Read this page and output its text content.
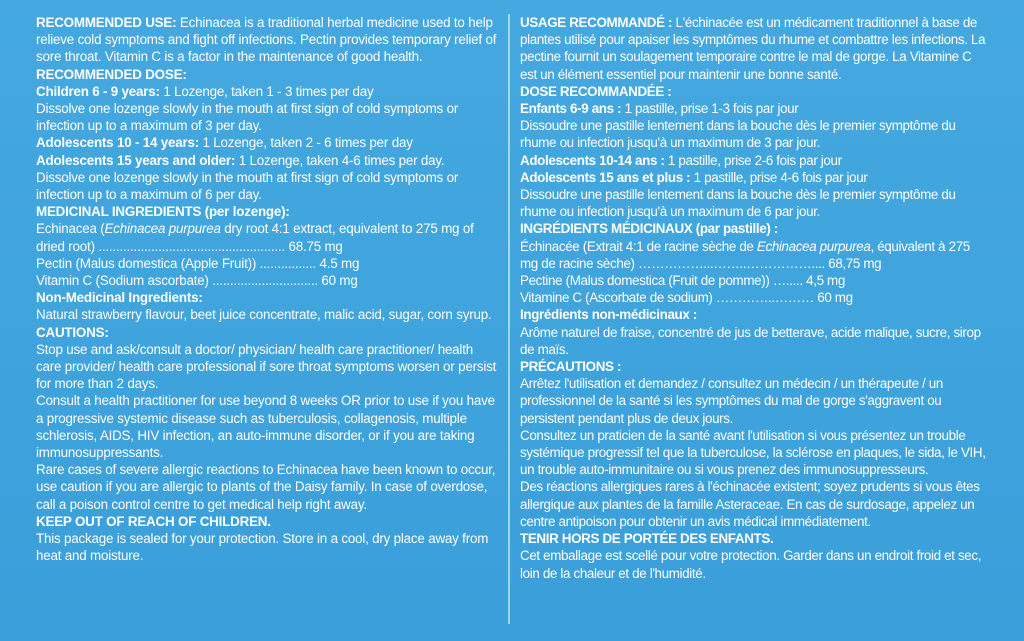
RECOMMENDED USE: Echinacea is a traditional herbal medicine used to help relieve cold symptoms and fight off infections. Pectin provides temporary relief of sore throat. Vitamin C is a factor in the maintenance of good health.

RECOMMENDED DOSE:

Children 6 - 9 years: 1 Lozenge, taken 1 - 3 times per day

Dissolve one lozenge slowly in the mouth at first sign of cold symptoms or infection up to a maximum of 3 per day.

Adolescents 10 - 14 years: 1 Lozenge, taken 2 - 6 times per day

Adolescents 15 years and older: 1 Lozenge, taken 4-6 times per day.

Dissolve one lozenge slowly in the mouth at first sign of cold symptoms or infection up to a maximum of 6 per day.

MEDICINAL INGREDIENTS (per lozenge):

Echinacea (Echinacea purpurea dry root 4:1 extract, equivalent to 275 mg of dried root) ..................................................... 68.75 mg

Pectin (Malus domestica (Apple Fruit)) ................ 4.5 mg

Vitamin C (Sodium ascorbate) .............................. 60 mg

Non-Medicinal Ingredients:

Natural strawberry flavour, beet juice concentrate, malic acid, sugar, corn syrup.

CAUTIONS:

Stop use and ask/consult a doctor/ physician/ health care practitioner/ health care provider/ health care professional if sore throat symptoms worsen or persist for more than 2 days.

Consult a health practitioner for use beyond 8 weeks OR prior to use if you have a progressive systemic disease such as tuberculosis, collagenosis, multiple schlerosis, AIDS, HIV infection, an auto-immune disorder, or if you are taking immunosuppressants.

Rare cases of severe allergic reactions to Echinacea have been known to occur, use caution if you are allergic to plants of the Daisy family. In case of overdose, call a poison control centre to get medical help right away.

KEEP OUT OF REACH OF CHILDREN.

This package is sealed for your protection. Store in a cool, dry place away from heat and moisture.

USAGE RECOMMANDÉ : L'échinacée est un médicament traditionnel à base de plantes utilisé pour apaiser les symptômes du rhume et combattre les infections. La pectine fournit un soulagement temporaire contre le mal de gorge. La Vitamine C est un élément essentiel pour maintenir une bonne santé.

DOSE RECOMMANDÉE :

Enfants 6-9 ans : 1 pastille, prise 1-3 fois par jour

Dissoudre une pastille lentement dans la bouche dès le premier symptôme du rhume ou infection jusqu'à un maximum de 3 par jour.

Adolescents 10-14 ans : 1 pastille, prise 2-6 fois par jour

Adolescents 15 ans et plus : 1 pastille, prise 4-6 fois par jour

Dissoudre une pastille lentement dans la bouche dès le premier symptôme du rhume ou infection jusqu'à un maximum de 6 par jour.

INGRÉDIENTS MÉDICINAUX (par pastille) :

Échinacée (Extrait 4:1 de racine sèche de Echinacea purpurea, équivalent à 275 mg de racine sèche) ……………...……..…………….... 68,75 mg

Pectine (Malus domestica (Fruit de pomme)) …..... 4,5 mg

Vitamine C (Ascorbate de sodium) …………..……… 60 mg

Ingrédients non-médicinaux :

Arôme naturel de fraise, concentré de jus de betterave, acide malique, sucre, sirop de maïs.

PRÉCAUTIONS :

Arrêtez l'utilisation et demandez / consultez un médecin / un thérapeute / un professionnel de la santé si les symptômes du mal de gorge s'aggravent ou persistent pendant plus de deux jours.

Consultez un praticien de la santé avant l'utilisation si vous présentez un trouble systémique progressif tel que la tuberculose, la sclérose en plaques, le sida, le VIH, un trouble auto-immunitaire ou si vous prenez des immunosuppresseurs.

Des réactions allergiques rares à l'échinacée existent; soyez prudents si vous êtes allergique aux plantes de la famille Asteraceae. En cas de surdosage, appelez un centre antipoison pour obtenir un avis médical immédiatement.

TENIR HORS DE PORTÉE DES ENFANTS.

Cet emballage est scellé pour votre protection. Garder dans un endroit froid et sec, loin de la chaleur et de l'humidité.
